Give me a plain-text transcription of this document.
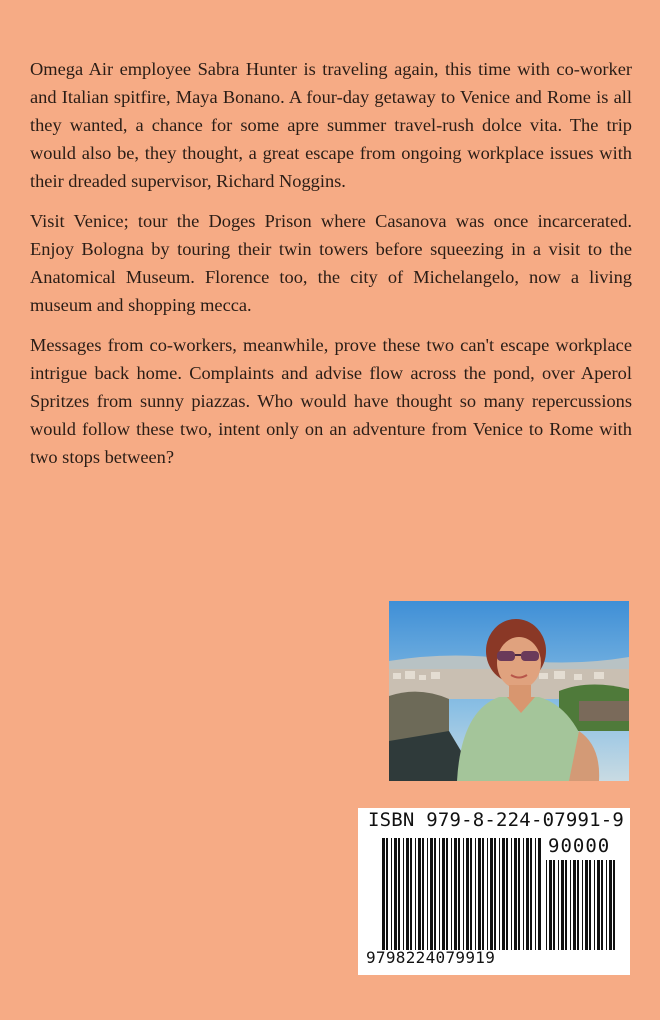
Omega Air employee Sabra Hunter is traveling again, this time with co-worker and Italian spitfire, Maya Bonano. A four-day getaway to Venice and Rome is all they wanted, a chance for some apre summer travel-rush dolce vita. The trip would also be, they thought, a great escape from ongoing workplace issues with their dreaded supervisor, Richard Noggins.

Visit Venice; tour the Doges Prison where Casanova was once incarcerated. Enjoy Bologna by touring their twin towers before squeezing in a visit to the Anatomical Museum. Florence too, the city of Michelangelo, now a living museum and shopping mecca.

Messages from co-workers, meanwhile, prove these two can't escape workplace intrigue back home. Complaints and advise flow across the pond, over Aperol Spritzes from sunny piazzas. Who would have thought so many repercussions would follow these two, intent only on an adventure from Venice to Rome with two stops between?

ISBN 979-8-224-07991-9
90000
9798224079919
